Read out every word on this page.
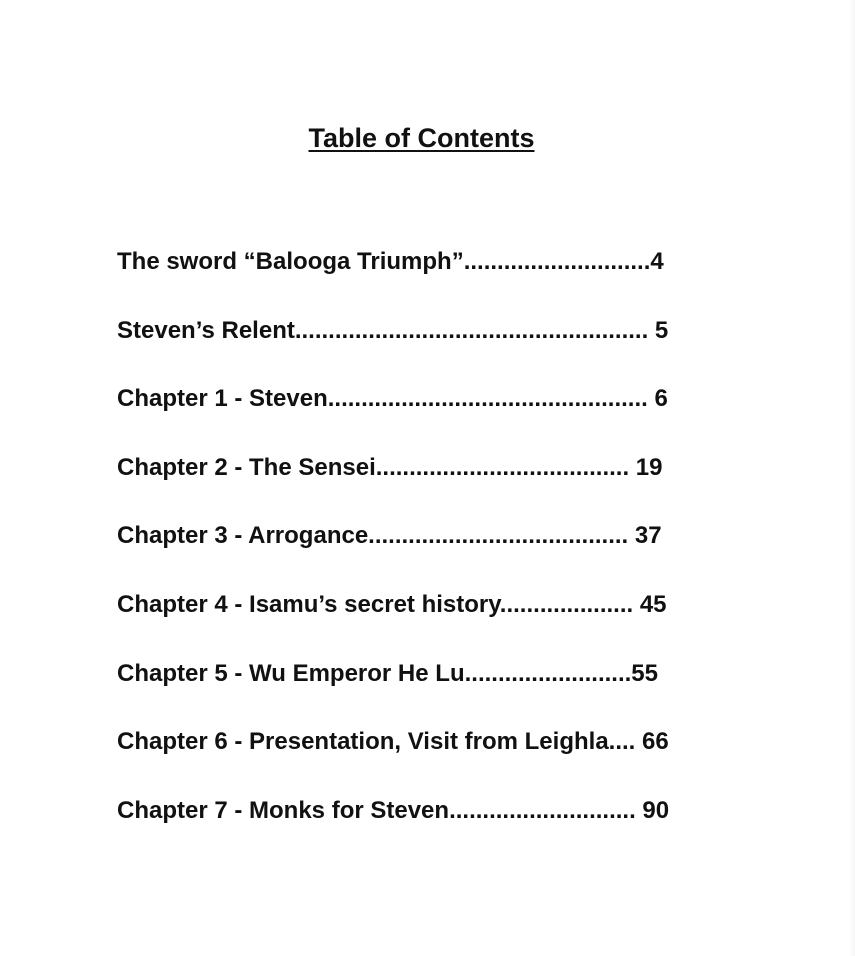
Table of Contents
The sword “Balooga Triumph”............................4
Steven’s Relent..................................................... 5
Chapter 1 - Steven................................................ 6
Chapter 2 - The Sensei...................................... 19
Chapter 3 - Arrogance....................................... 37
Chapter 4 - Isamu’s secret history.................... 45
Chapter 5 - Wu Emperor He Lu.........................55
Chapter 6 - Presentation, Visit from Leighla.... 66
Chapter 7 - Monks for Steven............................ 90
